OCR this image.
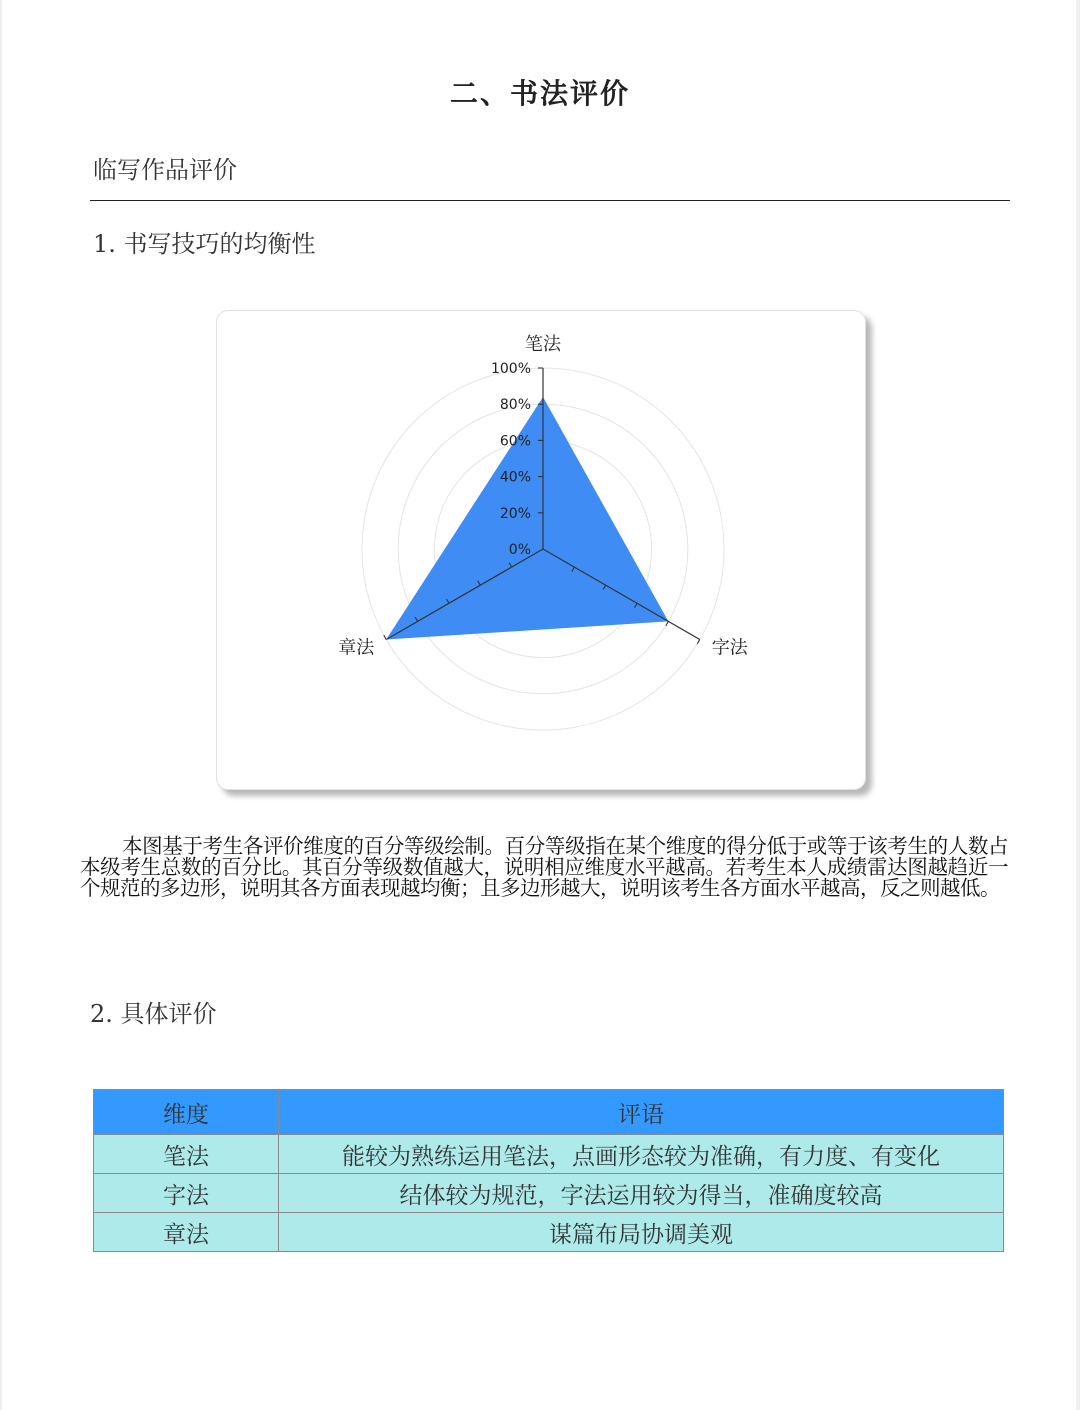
二、书法评价
临写作品评价
1. 书写技巧的均衡性
0%
20%
40%
60%
80%
100%
笔法
字法
章法
本图基于考生各评价维度的百分等级绘制。百分等级指在某个维度的得分低于或等于该考生的人数占本级考生总数的百分比。其百分等级数值越大，说明相应维度水平越高。若考生本人成绩雷达图越趋近一个规范的多边形，说明其各方面表现越均衡；且多边形越大，说明该考生各方面水平越高，反之则越低。
2. 具体评价
维度	评语
笔法	能较为熟练运用笔法，点画形态较为准确，有力度、有变化
字法	结体较为规范，字法运用较为得当，准确度较高
章法	谋篇布局协调美观
